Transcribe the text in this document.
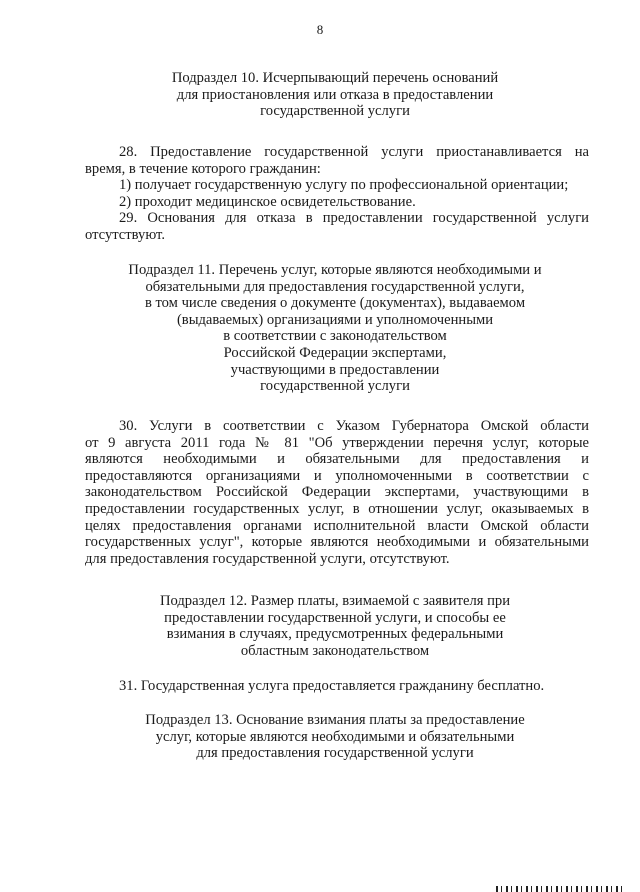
8
Подраздел 10. Исчерпывающий перечень оснований
для приостановления или отказа в предоставлении
государственной услуги
28. Предоставление государственной услуги приостанавливается на
время, в течение которого гражданин:
1) получает государственную услугу по профессиональной ориентации;
2) проходит медицинское освидетельствование.
29. Основания для отказа в предоставлении государственной услуги
отсутствуют.
Подраздел 11. Перечень услуг, которые являются необходимыми и
обязательными для предоставления государственной услуги,
в том числе сведения о документе (документах), выдаваемом
(выдаваемых) организациями и уполномоченными
в соответствии с законодательством
Российской Федерации экспертами,
участвующими в предоставлении
государственной услуги
30. Услуги в соответствии с Указом Губернатора Омской области
от 9 августа 2011 года № 81 "Об утверждении перечня услуг, которые
являются необходимыми и обязательными для предоставления и
предоставляются организациями и уполномоченными в соответствии с
законодательством Российской Федерации экспертами, участвующими в
предоставлении государственных услуг, в отношении услуг, оказываемых в
целях предоставления органами исполнительной власти Омской области
государственных услуг", которые являются необходимыми и обязательными
для предоставления государственной услуги, отсутствуют.
Подраздел 12. Размер платы, взимаемой с заявителя при
предоставлении государственной услуги, и способы ее
взимания в случаях, предусмотренных федеральными
областным законодательством
31. Государственная услуга предоставляется гражданину бесплатно.
Подраздел 13. Основание взимания платы за предоставление
услуг, которые являются необходимыми и обязательными
для предоставления государственной услуги
